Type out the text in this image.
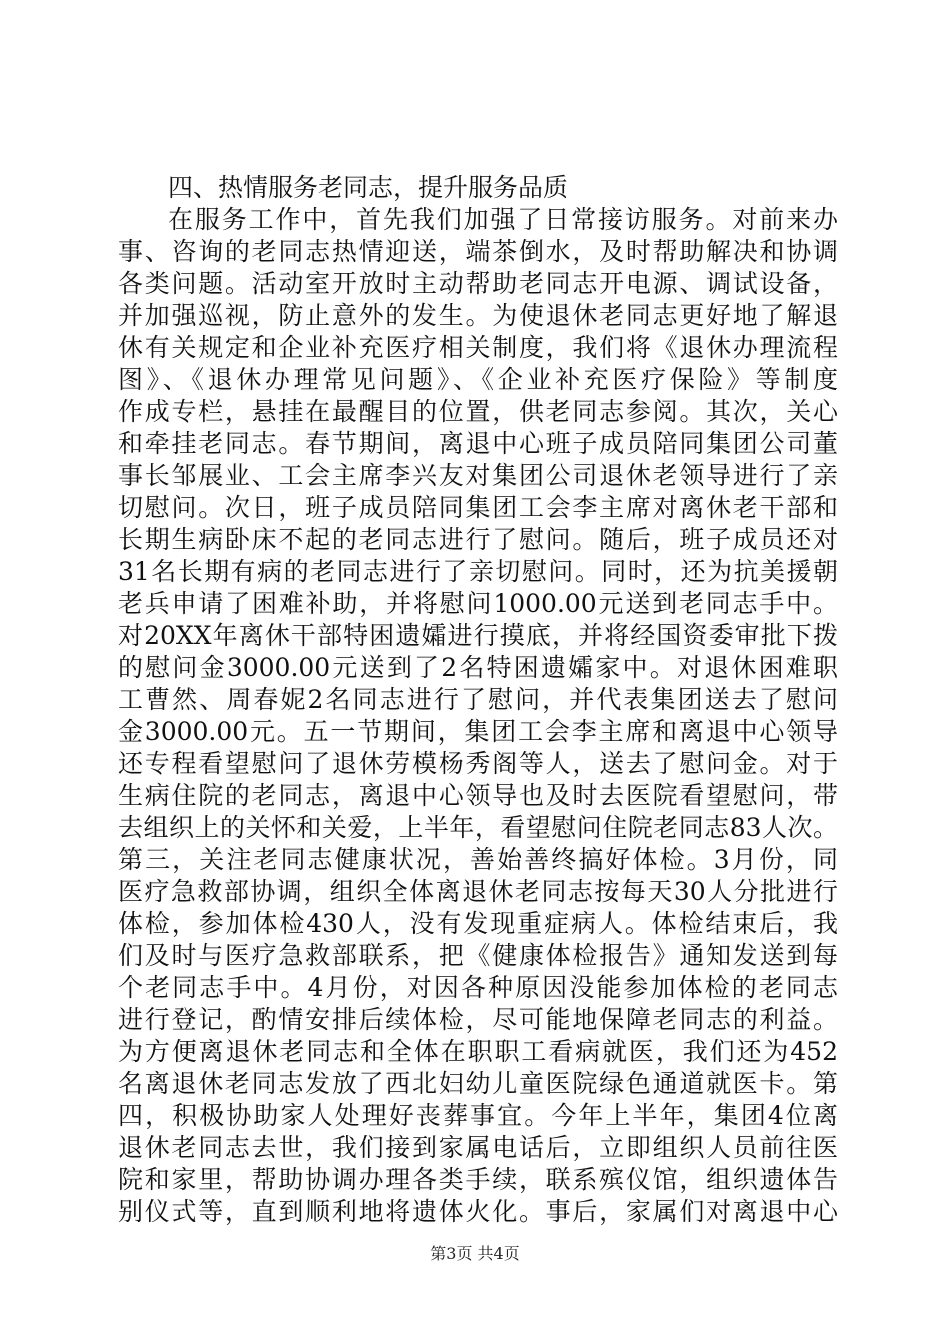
四、热情服务老同志，提升服务品质
在服务工作中，首先我们加强了日常接访服务。对前来办
事、咨询的老同志热情迎送，端茶倒水，及时帮助解决和协调
各类问题。活动室开放时主动帮助老同志开电源、调试设备，
并加强巡视，防止意外的发生。为使退休老同志更好地了解退
休有关规定和企业补充医疗相关制度，我们将《退休办理流程
图》、《退休办理常见问题》、《企业补充医疗保险》等制度
作成专栏，悬挂在最醒目的位置，供老同志参阅。其次，关心
和牵挂老同志。春节期间，离退中心班子成员陪同集团公司董
事长邹展业、工会主席李兴友对集团公司退休老领导进行了亲
切慰问。次日，班子成员陪同集团工会李主席对离休老干部和
长期生病卧床不起的老同志进行了慰问。随后，班子成员还对
31名长期有病的老同志进行了亲切慰问。同时，还为抗美援朝
老兵申请了困难补助，并将慰问1000.00元送到老同志手中。
对20XX年离休干部特困遗孀进行摸底，并将经国资委审批下拨
的慰问金3000.00元送到了2名特困遗孀家中。对退休困难职
工曹然、周春妮2名同志进行了慰问，并代表集团送去了慰问
金3000.00元。五一节期间，集团工会李主席和离退中心领导
还专程看望慰问了退休劳模杨秀阁等人，送去了慰问金。对于
生病住院的老同志，离退中心领导也及时去医院看望慰问，带
去组织上的关怀和关爱，上半年，看望慰问住院老同志83人次。
第三，关注老同志健康状况，善始善终搞好体检。3月份，同
医疗急救部协调，组织全体离退休老同志按每天30人分批进行
体检，参加体检430人，没有发现重症病人。体检结束后，我
们及时与医疗急救部联系，把《健康体检报告》通知发送到每
个老同志手中。4月份，对因各种原因没能参加体检的老同志
进行登记，酌情安排后续体检，尽可能地保障老同志的利益。
为方便离退休老同志和全体在职职工看病就医，我们还为452
名离退休老同志发放了西北妇幼儿童医院绿色通道就医卡。第
四，积极协助家人处理好丧葬事宜。今年上半年，集团4位离
退休老同志去世，我们接到家属电话后，立即组织人员前往医
院和家里，帮助协调办理各类手续，联系殡仪馆，组织遗体告
别仪式等，直到顺利地将遗体火化。事后，家属们对离退中心
第3页 共4页
